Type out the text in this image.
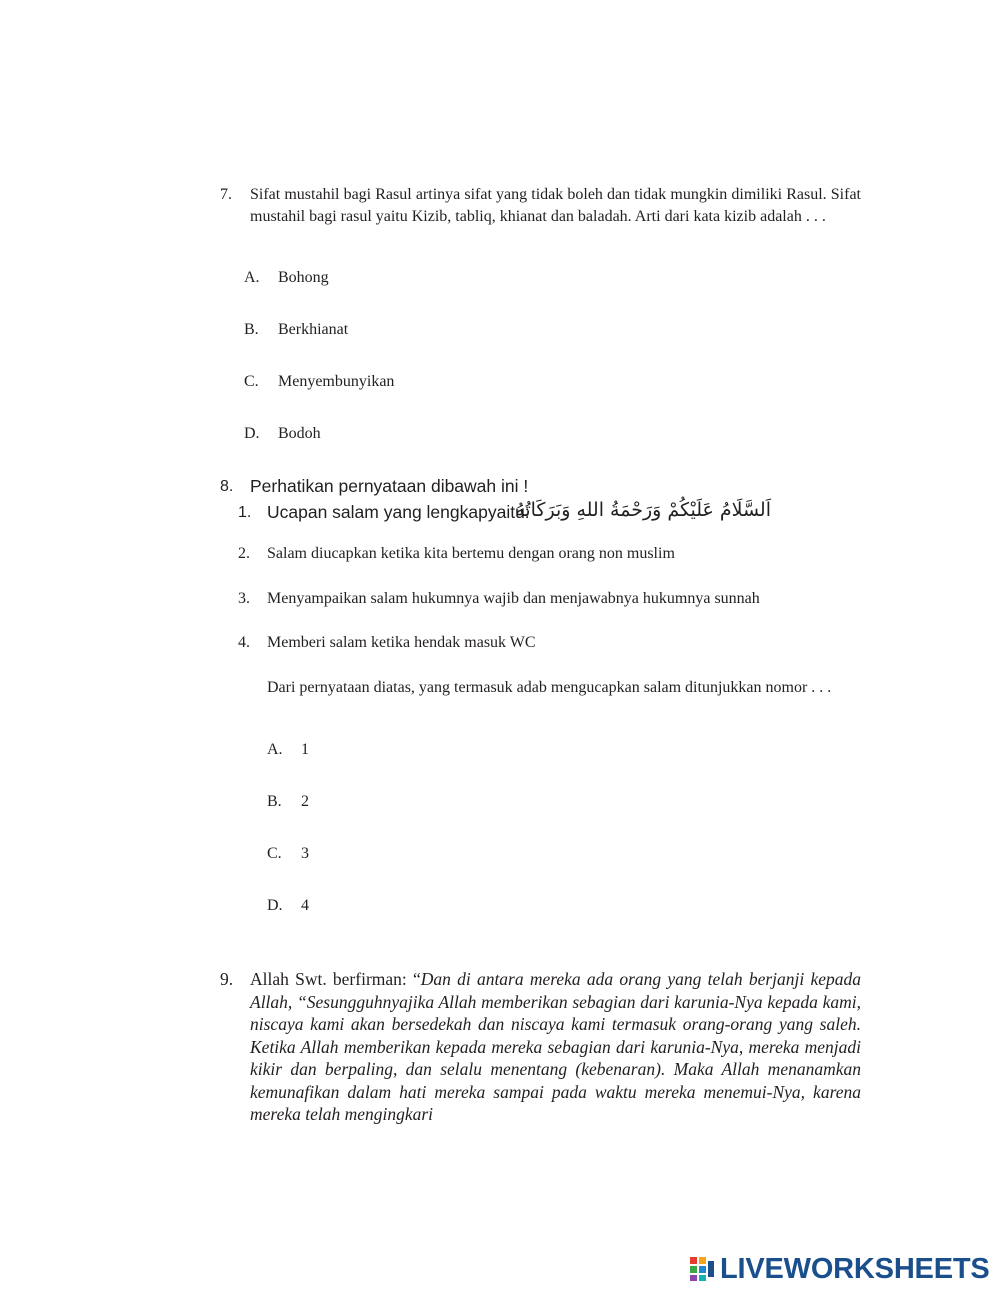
7. Sifat mustahil bagi Rasul artinya sifat yang tidak boleh dan tidak mungkin dimiliki Rasul. Sifat mustahil bagi rasul yaitu Kizib, tabliq, khianat dan baladah. Arti dari kata kizib adalah . . .
A. Bohong
B. Berkhianat
C. Menyembunyikan
D. Bodoh
8. Perhatikan pernyataan dibawah ini !
1. Ucapan salam yang lengkapyaitu:
اَلسَّلَامُ عَلَيْكُمْ وَرَحْمَةُ اللهِ وَبَرَكَاتُهُ
2. Salam diucapkan ketika kita bertemu dengan orang non muslim
3. Menyampaikan salam hukumnya wajib dan menjawabnya hukumnya sunnah
4. Memberi salam ketika hendak masuk WC
Dari pernyataan diatas, yang termasuk adab mengucapkan salam ditunjukkan nomor . . .
A. 1
B. 2
C. 3
D. 4
9. Allah Swt. berfirman: “Dan di antara mereka ada orang yang telah berjanji kepada Allah, “Sesungguhnyajika Allah memberikan sebagian dari karunia-Nya kepada kami, niscaya kami akan bersedekah dan niscaya kami termasuk orang-orang yang saleh. Ketika Allah memberikan kepada mereka sebagian dari karunia-Nya, mereka menjadi kikir dan berpaling, dan selalu menentang (kebenaran). Maka Allah menanamkan kemunafikan dalam hati mereka sampai pada waktu mereka menemui-Nya, karena mereka telah mengingkari
LIVEWORKSHEETS
